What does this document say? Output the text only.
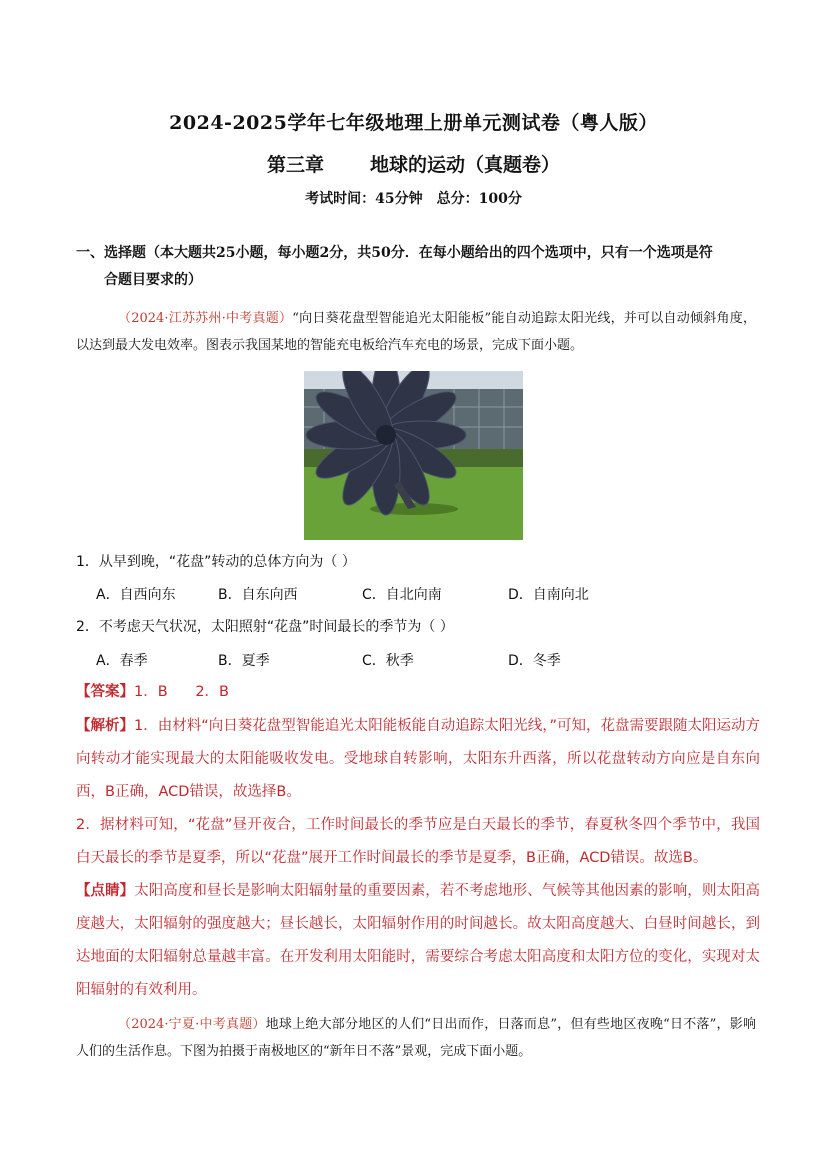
2024-2025学年七年级地理上册单元测试卷（粤人版）
第三章 地球的运动（真题卷）
考试时间：45分钟 总分：100分
一、选择题（本大题共25小题，每小题2分，共50分．在每小题给出的四个选项中，只有一个选项是符
合题目要求的）
（2024·江苏苏州·中考真题）“向日葵花盘型智能追光太阳能板”能自动追踪太阳光线，并可以自动倾斜角度，以达到最大发电效率。图表示我国某地的智能充电板给汽车充电的场景，完成下面小题。
1．从早到晚，“花盘”转动的总体方向为（ ）
A．自西向东	B．自东向西	C．自北向南	D．自南向北
2．不考虑天气状况，太阳照射“花盘”时间最长的季节为（ ）
A．春季	B．夏季	C．秋季	D．冬季
【答案】1．B      2．B
【解析】1．由材料“向日葵花盘型智能追光太阳能板能自动追踪太阳光线，”可知，花盘需要跟随太阳运动方向转动才能实现最大的太阳能吸收发电。受地球自转影响，太阳东升西落，所以花盘转动方向应是自东向西，B正确，ACD错误，故选择B。
2．据材料可知，“花盘”昼开夜合，工作时间最长的季节应是白天最长的季节，春夏秋冬四个季节中，我国白天最长的季节是夏季，所以“花盘”展开工作时间最长的季节是夏季，B正确，ACD错误。故选B。
【点睛】太阳高度和昼长是影响太阳辐射量的重要因素，若不考虑地形、气候等其他因素的影响，则太阳高度越大，太阳辐射的强度越大；昼长越长，太阳辐射作用的时间越长。故太阳高度越大、白昼时间越长，到达地面的太阳辐射总量越丰富。在开发利用太阳能时，需要综合考虑太阳高度和太阳方位的变化，实现对太阳辐射的有效利用。
（2024·宁夏·中考真题）地球上绝大部分地区的人们“日出而作，日落而息”，但有些地区夜晚“日不落”，影响人们的生活作息。下图为拍摄于南极地区的“新年日不落”景观，完成下面小题。
